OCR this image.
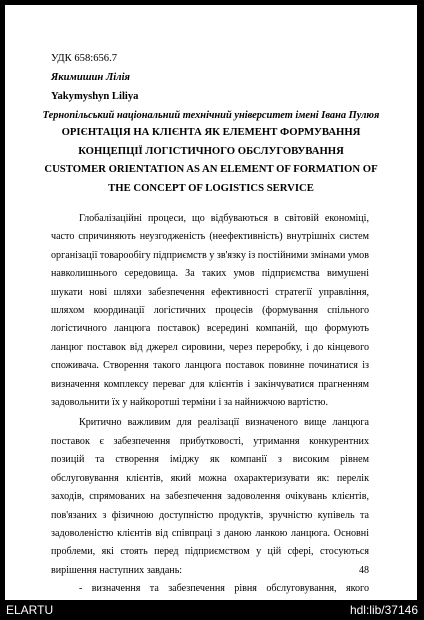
УДК 658:656.7

Якимишин Лілія

Yakymyshyn Liliya

Тернопільський національний технічний університет імені Івана Пулюя

ОРІЄНТАЦІЯ НА КЛІЄНТА ЯК ЕЛЕМЕНТ ФОРМУВАННЯ КОНЦЕПЦІЇ ЛОГІСТИЧНОГО ОБСЛУГОВУВАННЯ

CUSTOMER ORIENTATION AS AN ELEMENT OF FORMATION OF THE CONCEPT OF LOGISTICS SERVICE

Глобалізаційні процеси, що відбуваються в світовій економіці, часто спричиняють неузгодженість (неефективність) внутрішніх систем організації товарообігу підприємств у зв'язку із постійними змінами умов навколишнього середовища. За таких умов підприємства вимушені шукати нові шляхи забезпечення ефективності стратегії управління, шляхом координації логістичних процесів (формування спільного логістичного ланцюга поставок) всередині компаній, що формують ланцюг поставок від джерел сировини, через переробку, і до кінцевого споживача. Створення такого ланцюга поставок повинне починатися із визначення комплексу переваг для клієнтів і закінчуватися прагненням задовольнити їх у найкоротші терміни і за найнижчою вартістю.

Критично важливим для реалізації визначеного вище ланцюга поставок є забезпечення прибутковості, утримання конкурентних позицій та створення іміджу як компанії з високим рівнем обслуговування клієнтів, який можна охарактеризувати як: перелік заходів, спрямованих на забезпечення задоволення очікувань клієнтів, пов'язаних з фізичною доступністю продуктів, зручністю купівель та задоволеністю клієнтів від співпраці з даною ланкою ланцюга. Основні проблеми, які стоять перед підприємством у цій сфері, стосуються вирішення наступних завдань:

- визначення та забезпечення рівня обслуговування, якого

48

ELARTU	hdl:lib/37146
